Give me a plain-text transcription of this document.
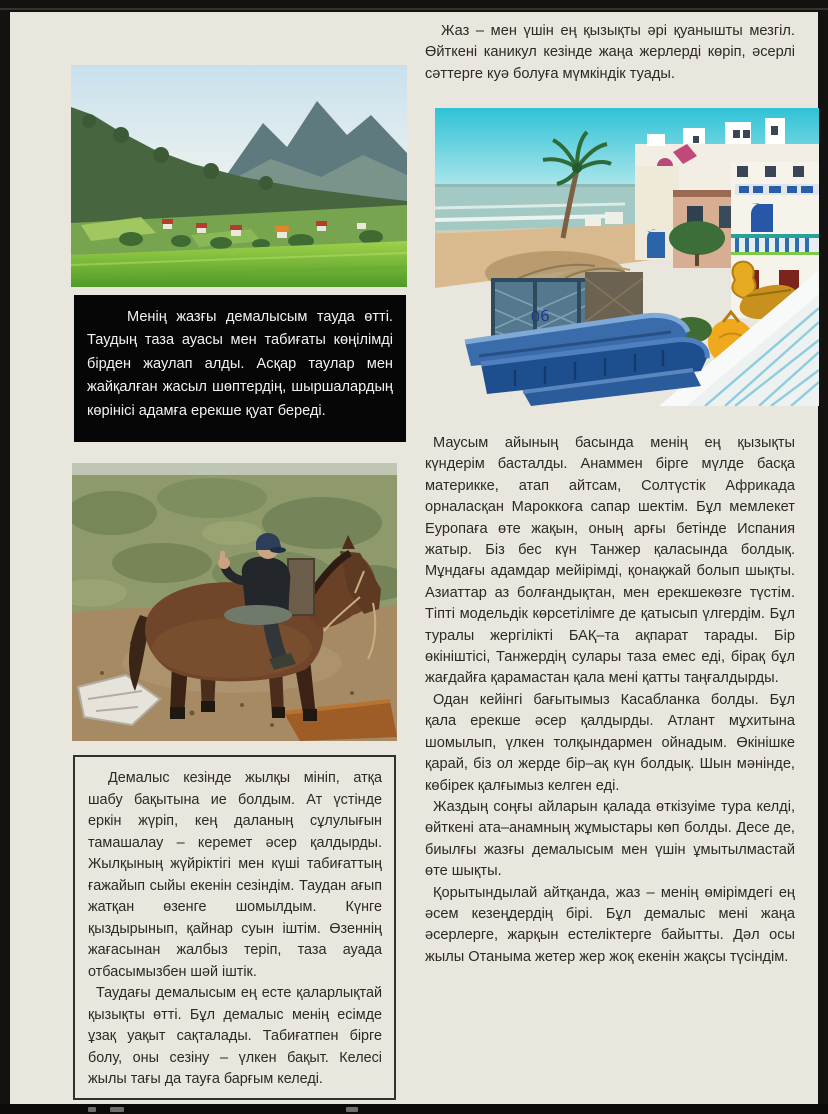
Менің жазғы демалысым тауда өтті. Таудың таза ауасы мен табиғаты көңілімді бірден жаулап алды. Асқар таулар мен жайқалған жасыл шөптердің, шыршалардың көрінісі адамға ерекше қуат береді.

Демалыс кезінде жылқы мініп, атқа шабу бақытына ие болдым. Ат үстінде еркін жүріп, кең даланың сұлулығын тамашалау – керемет әсер қалдырды. Жылқының жүйріктігі мен күші табиғаттың ғажайып сыйы екенін сезіндім. Таудан ағып жатқан өзенге шомылдым. Күнге қыздырынып, қайнар суын іштім. Өзеннің жағасынан жалбыз теріп, таза ауада отбасымызбен шәй іштік.

Таудағы демалысым ең есте қаларлықтай қызықты өтті. Бұл демалыс менің есімде ұзақ уақыт сақталады. Табиғатпен бірге болу, оны сезіну – үлкен бақыт. Келесі жылы тағы да тауға барғым келеді.

Жаз – мен үшін ең қызықты әрі қуанышты мезгіл. Өйткені каникул кезінде жаңа жерлерді көріп, әсерлі сәттерге куә болуға мүмкіндік туады.

06

Маусым айының басында менің ең қызықты күндерім басталды. Анаммен бірге мүлде басқа материкке, атап айтсам, Солтүстік Африкада орналасқан Мароккоға сапар шектім. Бұл мемлекет Еуропаға өте жақын, оның арғы бетінде Испания жатыр. Біз бес күн Танжер қаласында болдық. Мұндағы адамдар мейірімді, қонақжай болып шықты. Азиаттар аз болғандықтан, мен ерекшекөзге түстім. Тіпті модельдік көрсетілімге де қатысып үлгердім. Бұл туралы жергілікті БАҚ–та ақпарат тарады. Бір өкініштісі, Танжердің сулары таза емес еді, бірақ бұл жағдайға қарамастан қала мені қатты таңғалдырды.

Одан кейінгі бағытымыз Касабланка болды. Бұл қала ерекше әсер қалдырды. Атлант мұхитына шомылып, үлкен толқындармен ойнадым. Өкінішке қарай, біз ол жерде бір–ақ күн болдық. Шын мәнінде, көбірек қалғымыз келген еді.

Жаздың соңғы айларын қалада өткізуіме тура келді, өйткені ата–анамның жұмыстары көп болды. Десе де, биылғы жазғы демалысым мен үшін ұмытылмастай өте шықты.

Қорытындылай айтқанда, жаз – менің өмірімдегі ең әсем кезеңдердің бірі. Бұл демалыс мені жаңа әсерлерге, жарқын естеліктерге байытты. Дәл осы жылы Отаныма жетер жер жоқ екенін жақсы түсіндім.
